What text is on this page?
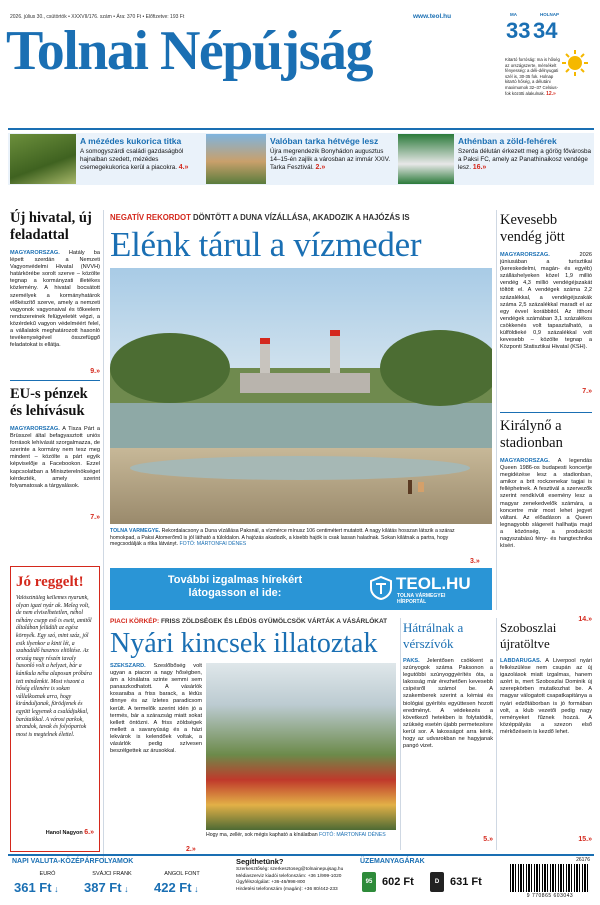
2026. július 30., csütörtök • XXXVII/176. szám • Ára: 370 Ft • Előfizetve: 193 Ft	www.teol.hu
Tolnai Népújság
MA	HOLNAP
33 34
Kitartó forróság: ma is hőség az országszerte, mérsékelt fényesség: a déli-délnyugati szél is, 30-35 fok. Holnap kitartó hőség, a délutáni maximumok 32–37 Celsius-fok közötti alakulnak. 12.»
A mézédes kukorica titka
A somogyszárdi családi gazdaságból hajnalban szedett, mézédes csemegekukorica kerül a piacokra. 4.»
Valóban tarka hétvége lesz
Újra megrendezik Bonyhádon augusztus 14–15-én zajlik a városban az immár XXIV. Tarka Fesztivál. 2.»
Athénban a zöld-fehérek
Szerda délután érkezett meg a görög fővárosba a Paksi FC, amely az Panathinaikosz vendége lesz. 16.»
Új hivatal, új feladattal
MAGYARORSZÁG. Hatály ba lépett szerdán a Nemzeti Vagyonvédelmi Hivatal (NVVH) határkörébe sorolt szerve – közölte tegnap a kormányzati illetékes közlemény. A hivatal bocsátott személyek a kormányhatárok előkészítő szerve, amely a nemzeti vagyonok vagyonaival és tőkeelem rendszereinek felügyeletét végzi, a közérdekű vagyon védelméért felel, a vállalatok meghatározott hasonló tevékenységével összefüggő feladatokat is ellátja.
9.»
EU-s pénzek és lehívásuk
MAGYARORSZÁG. A Tisza Párt a Brüsszel által befagyasztott uniós források lehívását szorgalmazza, de szerinte a kormány nem tesz meg mindent – közölte a párt egyik képviselője a Facebookon. Ezzel kapcsolatban a Miniszterelnökséget kérdezték, amely szerint folyamatosak a tárgyalások.
7.»
Jó reggelt!
Valószínűleg kellemes nyarunk, olyan igazi nyár ak. Meleg volt, de nem elviselhetetlen, néhol néhány csepp eső is esett, amitől általában felüdült az egész környék. Egy szó, mint száz, jól esik ilyenkor a kinti lét, a szabadidő hasznos eltöltése. Az ország nagy részén tavaly hasonló volt a helyzet, bár a kánikula néha alaposan próbára tett mindenkit. Most viszont a hőség ellenére is sokan vállalkoznak arra, hogy kiránduljanak, fürödjenek és együtt legyenek a családjukkal, barátaikkal. A városi parkok, strandok, tavak és folyópartok most is megtelnek élettel.
Hanol Nagyon 6.»
NEGATÍV REKORDOT DÖNTÖTT A DUNA VÍZÁLLÁSA, AKADOZIK A HAJÓZÁS IS
Elénk tárul a vízmeder
TOLNA VÁRMEGYE. Rekordalacsony a Duna vízállása Paksnál, a vízmérce mínusz 106 centimétert mutatott. A nagy kilátás hosszan látszik a száraz homokpad, a Paksi Atomerőmű is jól látható a túloldalon. A hajózás akadozik, a kisebb hajók is csak lassan haladnak. Sokan kilátnak a partra, hogy megcsodálják a ritka látványt. FOTÓ: MÁRTONFAI DÉNES
3.»
További izgalmas hírekért
látogasson el ide:	TEOL.HU
TOLNA VÁRMEGYEI
HÍRPORTÁL
PIACI KÖRKÉP: FRISS ZÖLDSÉGEK ÉS LÉDÚS GYÜMÖLCSÖK VÁRTÁK A VÁSÁRLÓKAT
Nyári kincsek illatoztak
SZEKSZÁRD. Szeslőbőség volt ugyan a piacon a nagy hőségben, ám a kínálatra szinte semmi sem panaszkodhatott. A vásárlók kosaraiba a friss barack, a lédús dinnye és az ízletes paradicsom került. A termelők szerint idén jó a termés, bár a szárazság miatt sokat kellett öntözni. A friss zöldségek mellett a savanyúság és a házi lekvárok is kelendőek voltak, a vásárlók pedig szívesen beszélgettek az árusokkal.
2.»
Hogy ma, zellér, sok mégis kapható a kínálatban FOTÓ: MÁRTONFAI DÉNES
Kevesebb vendég jött
MAGYARORSZÁG.	2026 júniusában a turisztikai (kereskedelmi, magán- és egyéb) szálláshelyeken közel 1,9 millió vendég 4,3 millió vendégéjszakát töltött el. A vendégek száma 2,2 százalékkal, a vendégéjszakák száma 2,5 százalékkal maradt el az egy évvel korábbitól. Az itthoni vendégek számában 3,1 százalékos csökkenés volt tapasztalható, a külföldieké 0,9 százalékkal volt kevesebb – közölte tegnap a Központi Statisztikai Hivatal (KSH).
7.»
Királynő a stadionban
MAGYARORSZÁG. A legendás Queen 1986-os budapesti koncertje megidézése lesz a stadionban, amikor a brit rockzenekar tagjai is felléphetnek. A fesztivál a szervezők szerint rendkívüli esemény lesz a magyar zenekedvelők számára, a koncertre már most lehet jegyet váltani. Az előadáson a Queen legnagyobb slágereit hallhatja majd a közönség, a produkciót nagyszabású fény- és hangtechnika kíséri.
14.»
Hátrálnak a vérszívók
PAKS. Jelentősen csökkent a szúnyogok száma Paksonon a legutóbbi szúnyoggyérítés óta, a lakosság már érezhetően kevesebb csípésről számol be. A szakemberek szerint a kémiai és biológiai gyérítés együttesen hozott eredményt. A védekezés a következő hetekben is folytatódik, szükség esetén újabb permetezésre kerül sor. A lakosságot arra kérik, hogy az udvarokban ne hagyjanak pangó vizet.
5.»
Szoboszlai újratöltve
LABDARÚGÁS. A Liverpool nyári felkészülése nem csupán az új igazolások miatt izgalmas, hanem azért is, mert Szoboszlai Dominik új szerepkörben mutatkozhat be. A magyar válogatott csapatkapitánya a nyári edzőtáborban is jó formában volt, a klub vezetői pedig nagy reményeket fűznek hozzá. A középpályás a szezon első mérkőzésein is kezdő lehet.
15.»
NAPI VALUTA-KÖZÉPÁRFOLYAMOK
EURÓ
361 Ft ↓
SVÁJCI FRANK
387 Ft ↓
ANGOL FONT
422 Ft ↓
Segíthetünk?
Szerkesztőség: szerkesztoseg@tolnainepujsag.hu
Médiaszerviz kiadói telefonszám: +36 1/999-1020
Ügyfélszolgálat: +36-46/998-800
Hirdetési telefonszám (magán): +36 80/442-233
ÜZEMANYAGÁRAK
95 602 Ft	D 631 Ft
26176
9 770865 603043
